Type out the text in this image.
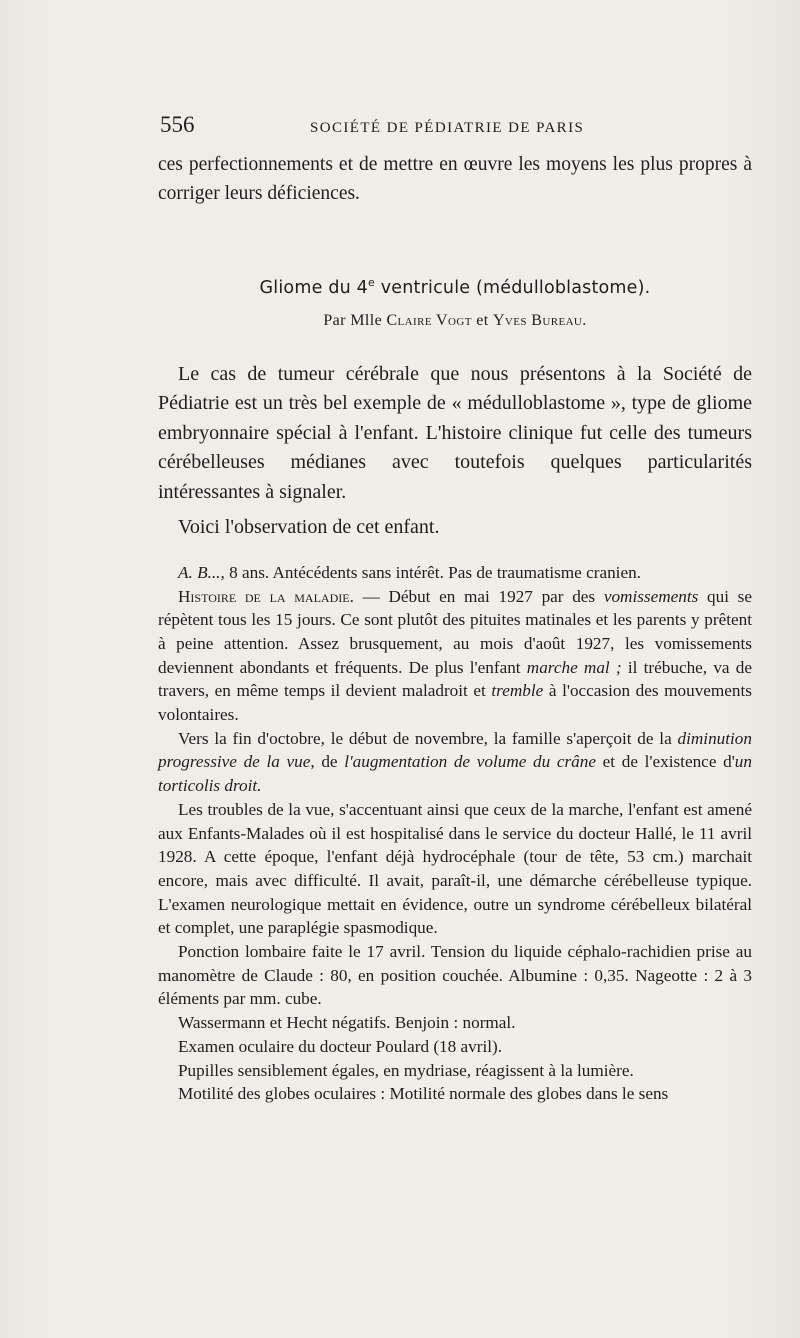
556	SOCIÉTÉ DE PÉDIATRIE DE PARIS

ces perfectionnements et de mettre en œuvre les moyens les plus propres à corriger leurs déficiences.

Gliome du 4e ventricule (médulloblastome).

Par Mlle Claire Vogt et Yves Bureau.

Le cas de tumeur cérébrale que nous présentons à la Société de Pédiatrie est un très bel exemple de « médulloblastome », type de gliome embryonnaire spécial à l'enfant. L'histoire clinique fut celle des tumeurs cérébelleuses médianes avec toutefois quelques particularités intéressantes à signaler.

Voici l'observation de cet enfant.

A. B..., 8 ans. Antécédents sans intérêt. Pas de traumatisme cranien.

Histoire de la maladie. — Début en mai 1927 par des vomissements qui se répètent tous les 15 jours. Ce sont plutôt des pituites matinales et les parents y prêtent à peine attention. Assez brusquement, au mois d'août 1927, les vomissements deviennent abondants et fréquents. De plus l'enfant marche mal ; il trébuche, va de travers, en même temps il devient maladroit et tremble à l'occasion des mouvements volontaires.

Vers la fin d'octobre, le début de novembre, la famille s'aperçoit de la diminution progressive de la vue, de l'augmentation de volume du crâne et de l'existence d'un torticolis droit.

Les troubles de la vue, s'accentuant ainsi que ceux de la marche, l'enfant est amené aux Enfants-Malades où il est hospitalisé dans le service du docteur Hallé, le 11 avril 1928. A cette époque, l'enfant déjà hydrocéphale (tour de tête, 53 cm.) marchait encore, mais avec difficulté. Il avait, paraît-il, une démarche cérébelleuse typique. L'examen neurologique mettait en évidence, outre un syndrome cérébelleux bilatéral et complet, une paraplégie spasmodique.

Ponction lombaire faite le 17 avril. Tension du liquide céphalo-rachidien prise au manomètre de Claude : 80, en position couchée. Albumine : 0,35. Nageotte : 2 à 3 éléments par mm. cube.

Wassermann et Hecht négatifs. Benjoin : normal.

Examen oculaire du docteur Poulard (18 avril).

Pupilles sensiblement égales, en mydriase, réagissent à la lumière.

Motilité des globes oculaires : Motilité normale des globes dans le sens
